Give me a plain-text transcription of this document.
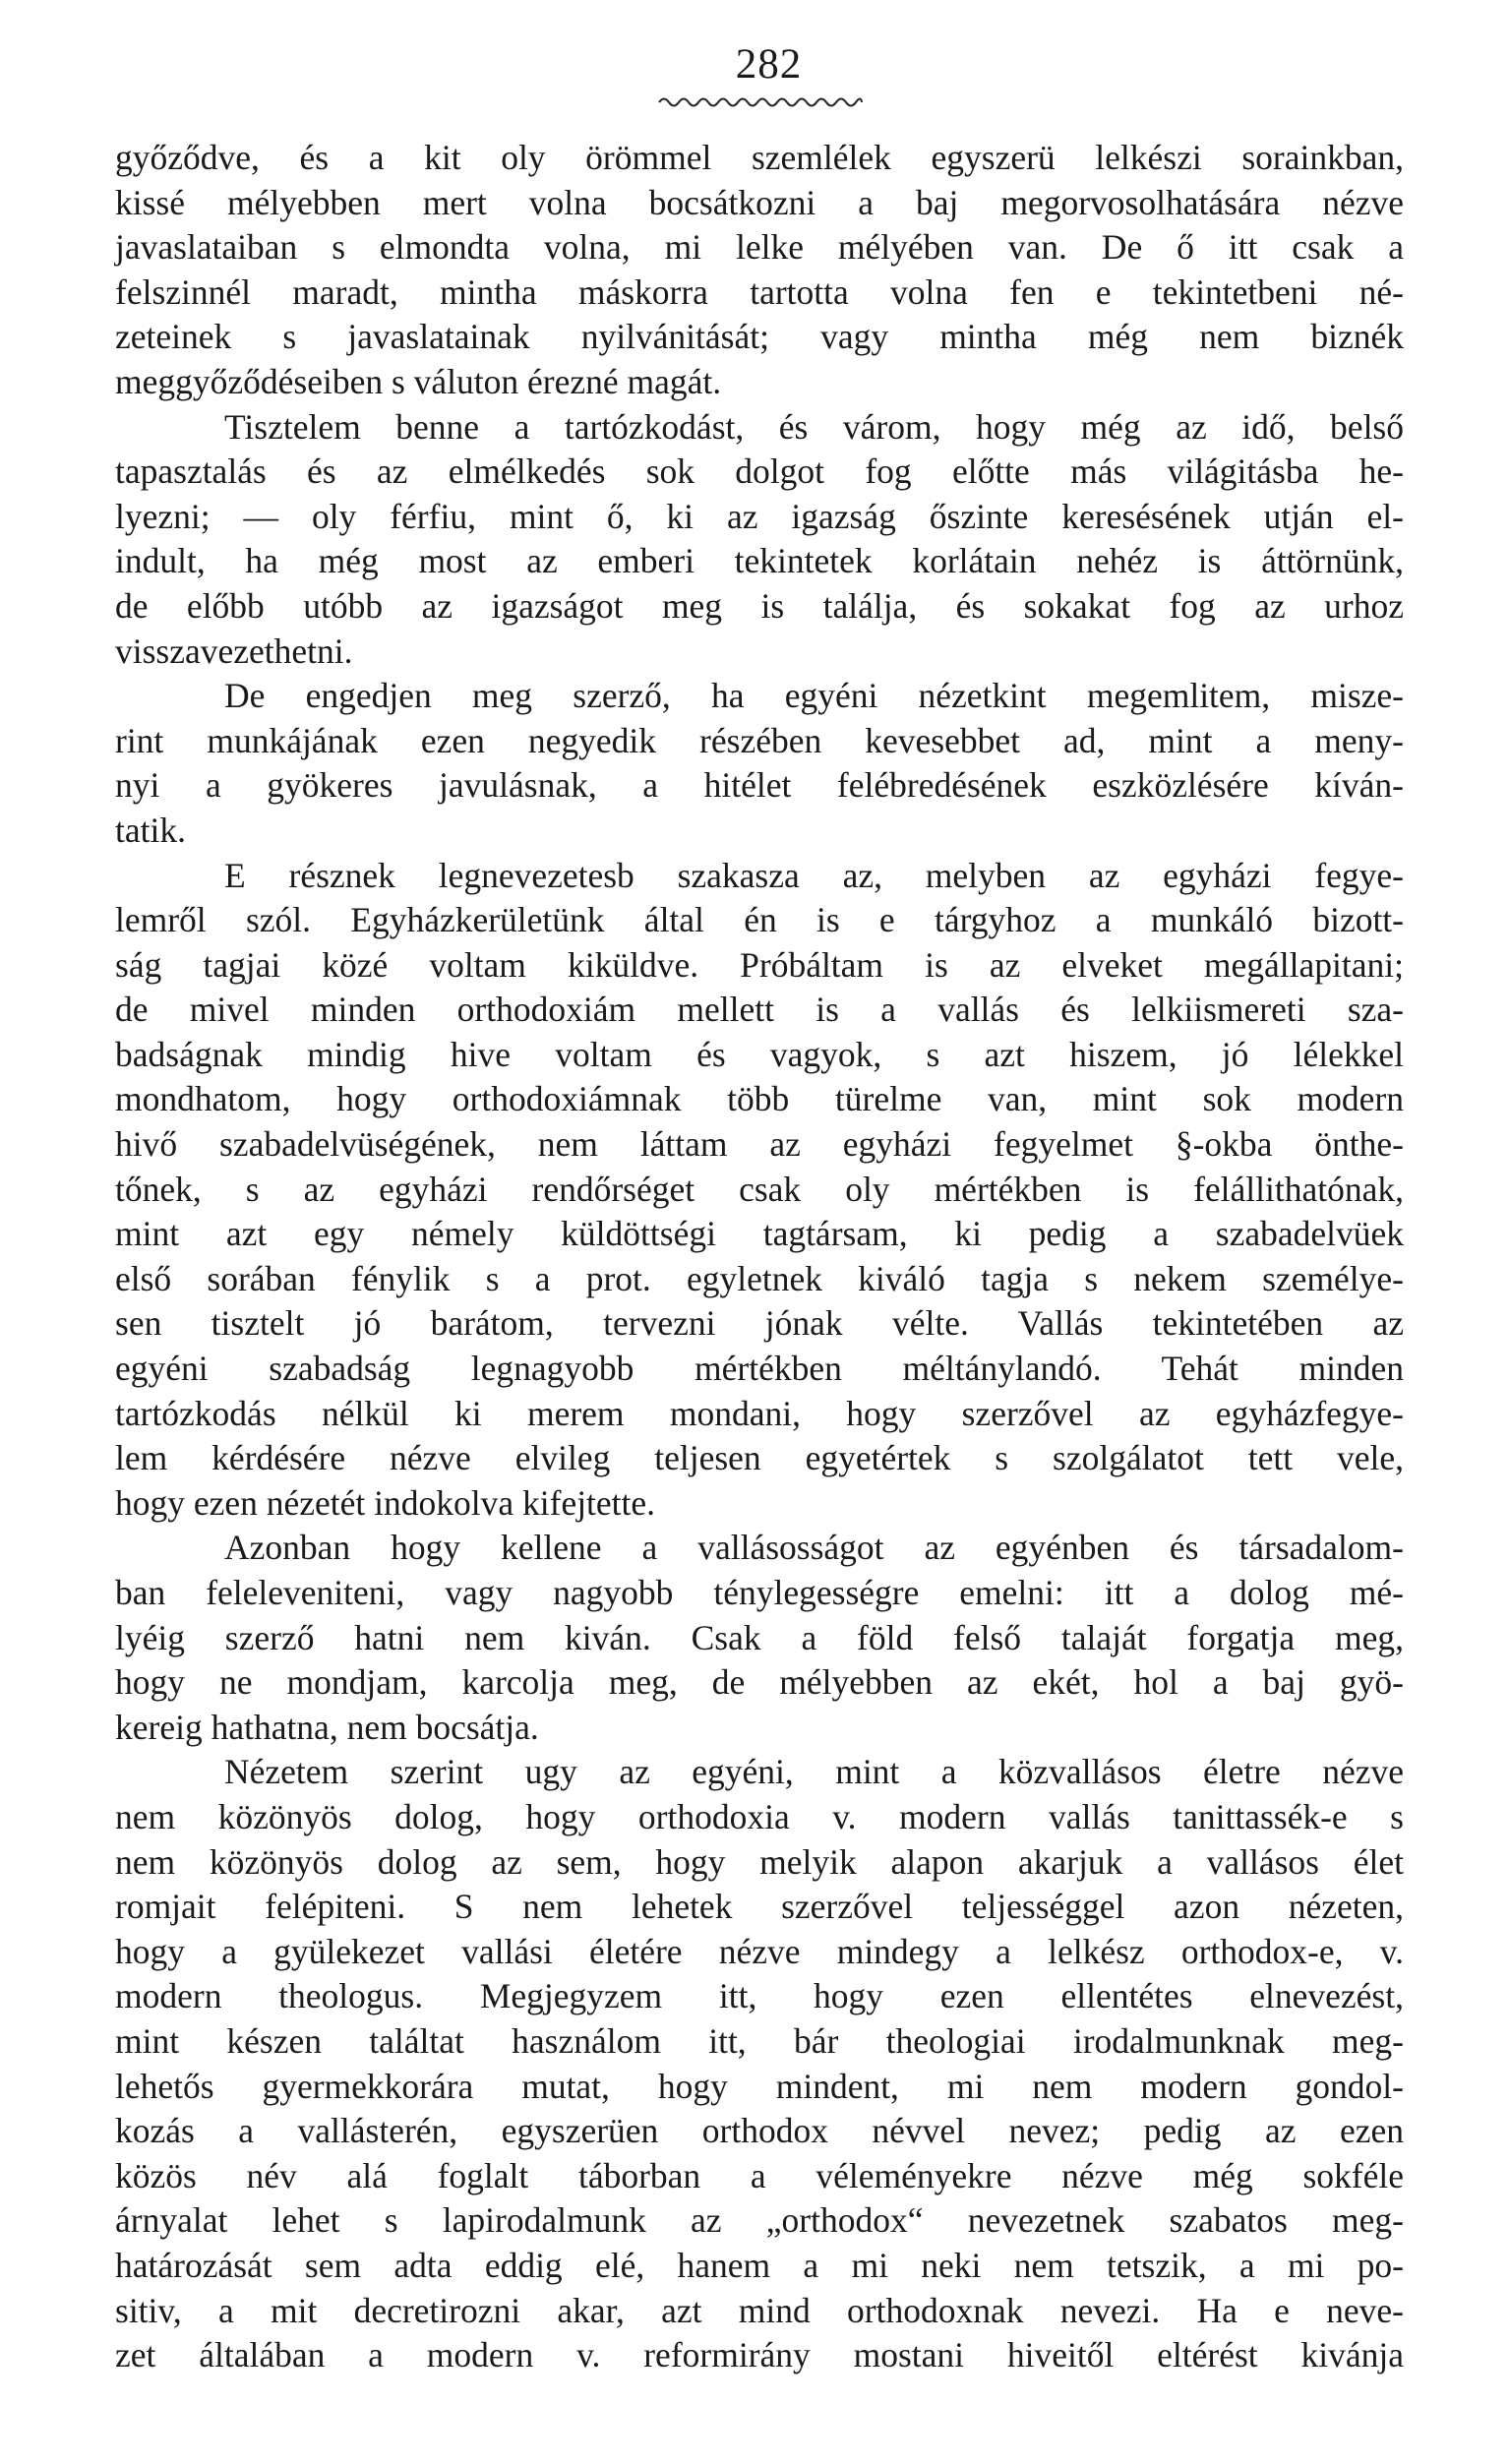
282
győződve, és a kit oly örömmel szemlélek egyszerü lelkészi sorainkban,
kissé mélyebben mert volna bocsátkozni a baj megorvosolhatására nézve
javaslataiban s elmondta volna, mi lelke mélyében van. De ő itt csak a
felszinnél maradt, mintha máskorra tartotta volna fen e tekintetbeni né-
zeteinek s javaslatainak nyilvánitását; vagy mintha még nem biznék
meggyőződéseiben s váluton érezné magát.
Tisztelem benne a tartózkodást, és várom, hogy még az idő, belső
tapasztalás és az elmélkedés sok dolgot fog előtte más világitásba he-
lyezni; — oly férfiu, mint ő, ki az igazság őszinte keresésének utján el-
indult, ha még most az emberi tekintetek korlátain nehéz is áttörnünk,
de előbb utóbb az igazságot meg is találja, és sokakat fog az urhoz
visszavezethetni.
De engedjen meg szerző, ha egyéni nézetkint megemlitem, misze-
rint munkájának ezen negyedik részében kevesebbet ad, mint a meny-
nyi a gyökeres javulásnak, a hitélet felébredésének eszközlésére kíván-
tatik.
E résznek legnevezetesb szakasza az, melyben az egyházi fegye-
lemről szól. Egyházkerületünk által én is e tárgyhoz a munkáló bizott-
ság tagjai közé voltam kiküldve. Próbáltam is az elveket megállapitani;
de mivel minden orthodoxiám mellett is a vallás és lelkiismereti sza-
badságnak mindig hive voltam és vagyok, s azt hiszem, jó lélekkel
mondhatom, hogy orthodoxiámnak több türelme van, mint sok modern
hivő szabadelvüségének, nem láttam az egyházi fegyelmet §-okba önthe-
tőnek, s az egyházi rendőrséget csak oly mértékben is felállithatónak,
mint azt egy némely küldöttségi tagtársam, ki pedig a szabadelvüek
első sorában fénylik s a prot. egyletnek kiváló tagja s nekem személye-
sen tisztelt jó barátom, tervezni jónak vélte. Vallás tekintetében az
egyéni szabadság legnagyobb mértékben méltánylandó. Tehát minden
tartózkodás nélkül ki merem mondani, hogy szerzővel az egyházfegye-
lem kérdésére nézve elvileg teljesen egyetértek s szolgálatot tett vele,
hogy ezen nézetét indokolva kifejtette.
Azonban hogy kellene a vallásosságot az egyénben és társadalom-
ban feleleveniteni, vagy nagyobb ténylegességre emelni: itt a dolog mé-
lyéig szerző hatni nem kiván. Csak a föld felső talaját forgatja meg,
hogy ne mondjam, karcolja meg, de mélyebben az ekét, hol a baj gyö-
kereig hathatna, nem bocsátja.
Nézetem szerint ugy az egyéni, mint a közvallásos életre nézve
nem közönyös dolog, hogy orthodoxia v. modern vallás tanittassék-e s
nem közönyös dolog az sem, hogy melyik alapon akarjuk a vallásos élet
romjait felépiteni. S nem lehetek szerzővel teljességgel azon nézeten,
hogy a gyülekezet vallási életére nézve mindegy a lelkész orthodox-e, v.
modern theologus. Megjegyzem itt, hogy ezen ellentétes elnevezést,
mint készen találtat használom itt, bár theologiai irodalmunknak meg-
lehetős gyermekkorára mutat, hogy mindent, mi nem modern gondol-
kozás a vallásterén, egyszerüen orthodox névvel nevez; pedig az ezen
közös név alá foglalt táborban a véleményekre nézve még sokféle
árnyalat lehet s lapirodalmunk az „orthodox“ nevezetnek szabatos meg-
határozását sem adta eddig elé, hanem a mi neki nem tetszik, a mi po-
sitiv, a mit decretirozni akar, azt mind orthodoxnak nevezi. Ha e neve-
zet általában a modern v. reformirány mostani hiveitől eltérést kivánja
